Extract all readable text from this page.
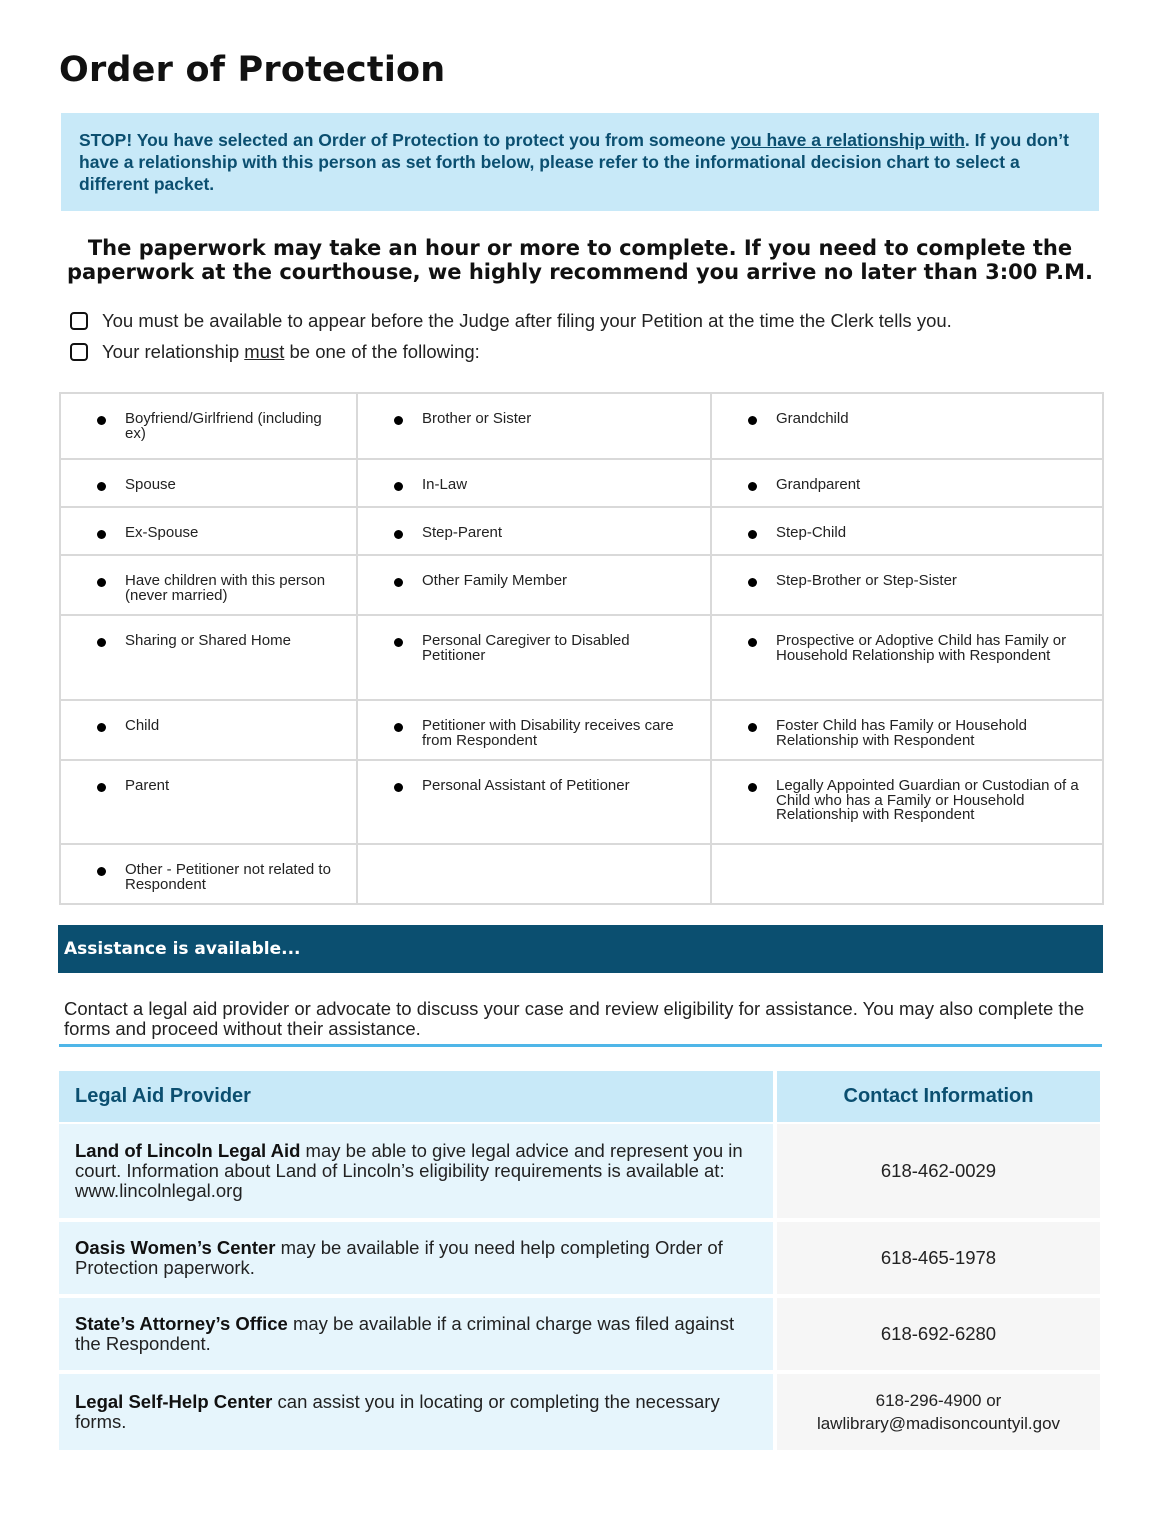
Order of Protection
STOP! You have selected an Order of Protection to protect you from someone you have a relationship with. If you don’t have a relationship with this person as set forth below, please refer to the informational decision chart to select a different packet.

The paperwork may take an hour or more to complete. If you need to complete the

paperwork at the courthouse, we highly recommend you arrive no later than 3:00 P.M.

You must be available to appear before the Judge after filing your Petition at the time the Clerk tells you.
Your relationship must be one of the following:
Boyfriend/Girlfriend (including ex)	Brother or Sister	Grandchild

Spouse	In-Law	Grandparent

Ex-Spouse	Step-Parent	Step-Child

Have children with this person (never married)	Other Family Member	Step-Brother or Step-Sister

Sharing or Shared Home	Personal Caregiver to Disabled Petitioner	Prospective or Adoptive Child has Family or Household Relationship with Respondent

Child	Petitioner with Disability receives care from Respondent	Foster Child has Family or Household Relationship with Respondent

Parent	Personal Assistant of Petitioner	Legally Appointed Guardian or Custodian of a Child who has a Family or Household Relationship with Respondent

Other - Petitioner not related to Respondent		

Assistance is available...

Contact a legal aid provider or advocate to discuss your case and review eligibility for assistance. You may also complete the forms and proceed without their assistance.

Legal Aid Provider	Contact Information
Land of Lincoln Legal Aid may be able to give legal advice and represent you in court. Information about Land of Lincoln’s eligibility requirements is available at: www.lincolnlegal.org	618-462-0029
Oasis Women’s Center may be available if you need help completing Order of Protection paperwork.	618-465-1978
State’s Attorney’s Office may be available if a criminal charge was filed against the Respondent.	618-692-6280
Legal Self-Help Center can assist you in locating or completing the necessary forms.	618-296-4900 or
lawlibrary@madisoncountyil.gov
